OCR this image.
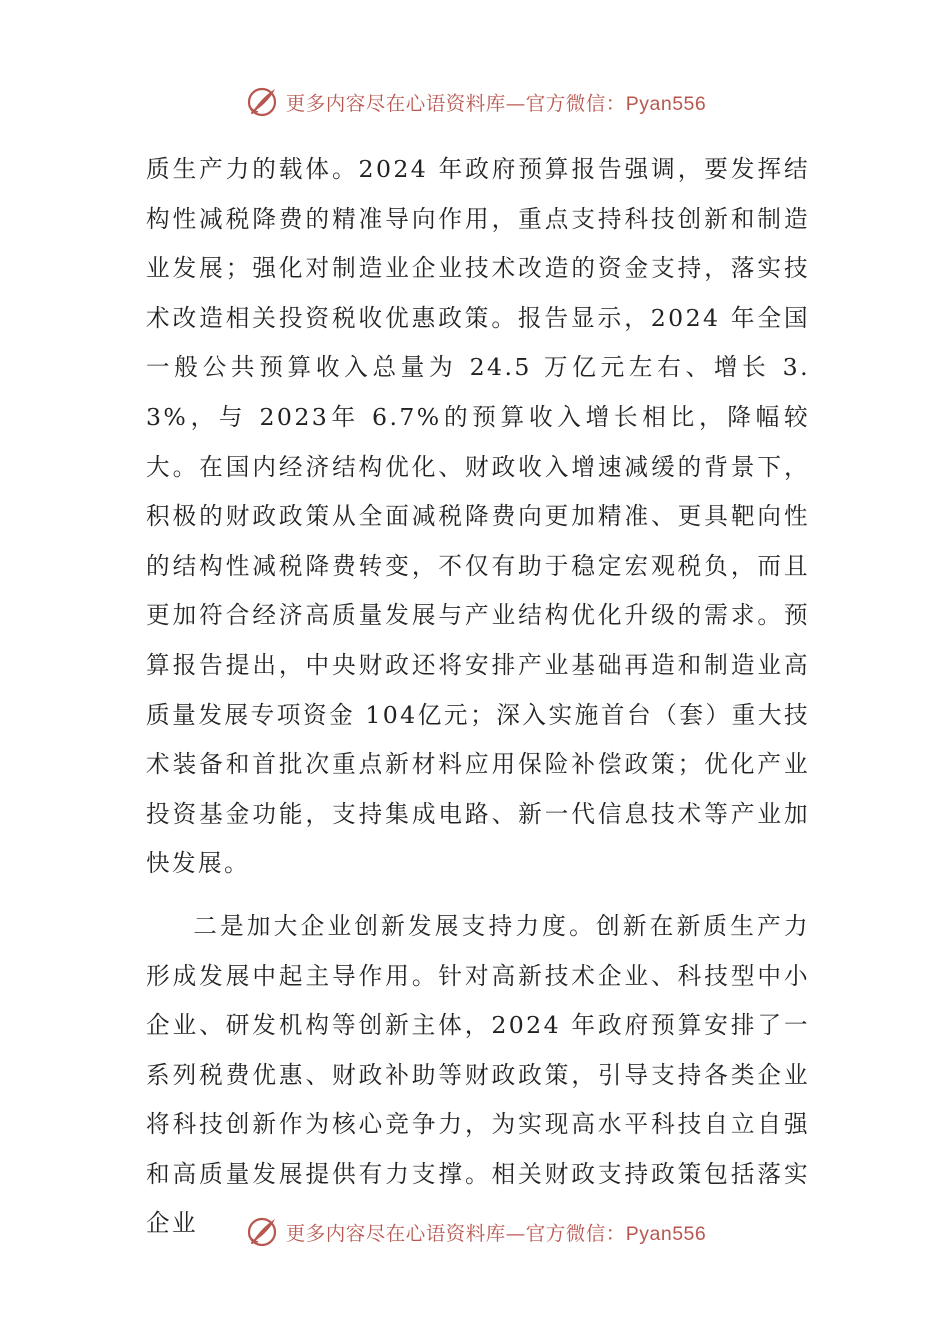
更多内容尽在心语资料库—官方微信：Pyan556

质生产力的载体。2024 年政府预算报告强调，要发挥结构性减税降费的精准导向作用，重点支持科技创新和制造业发展；强化对制造业企业技术改造的资金支持，落实技术改造相关投资税收优惠政策。报告显示，2024 年全国一般公共预算收入总量为 24.5 万亿元左右、增长 3.3%，与 2023年 6.7%的预算收入增长相比，降幅较大。在国内经济结构优化、财政收入增速减缓的背景下，积极的财政政策从全面减税降费向更加精准、更具靶向性的结构性减税降费转变，不仅有助于稳定宏观税负，而且更加符合经济高质量发展与产业结构优化升级的需求。预算报告提出，中央财政还将安排产业基础再造和制造业高质量发展专项资金 104亿元；深入实施首台（套）重大技术装备和首批次重点新材料应用保险补偿政策；优化产业投资基金功能，支持集成电路、新一代信息技术等产业加快发展。

二是加大企业创新发展支持力度。创新在新质生产力形成发展中起主导作用。针对高新技术企业、科技型中小企业、研发机构等创新主体，2024 年政府预算安排了一系列税费优惠、财政补助等财政政策，引导支持各类企业将科技创新作为核心竞争力，为实现高水平科技自立自强和高质量发展提供有力支撑。相关财政支持政策包括落实企业	更多内容尽在心语资料库—官方微信：Pyan556
